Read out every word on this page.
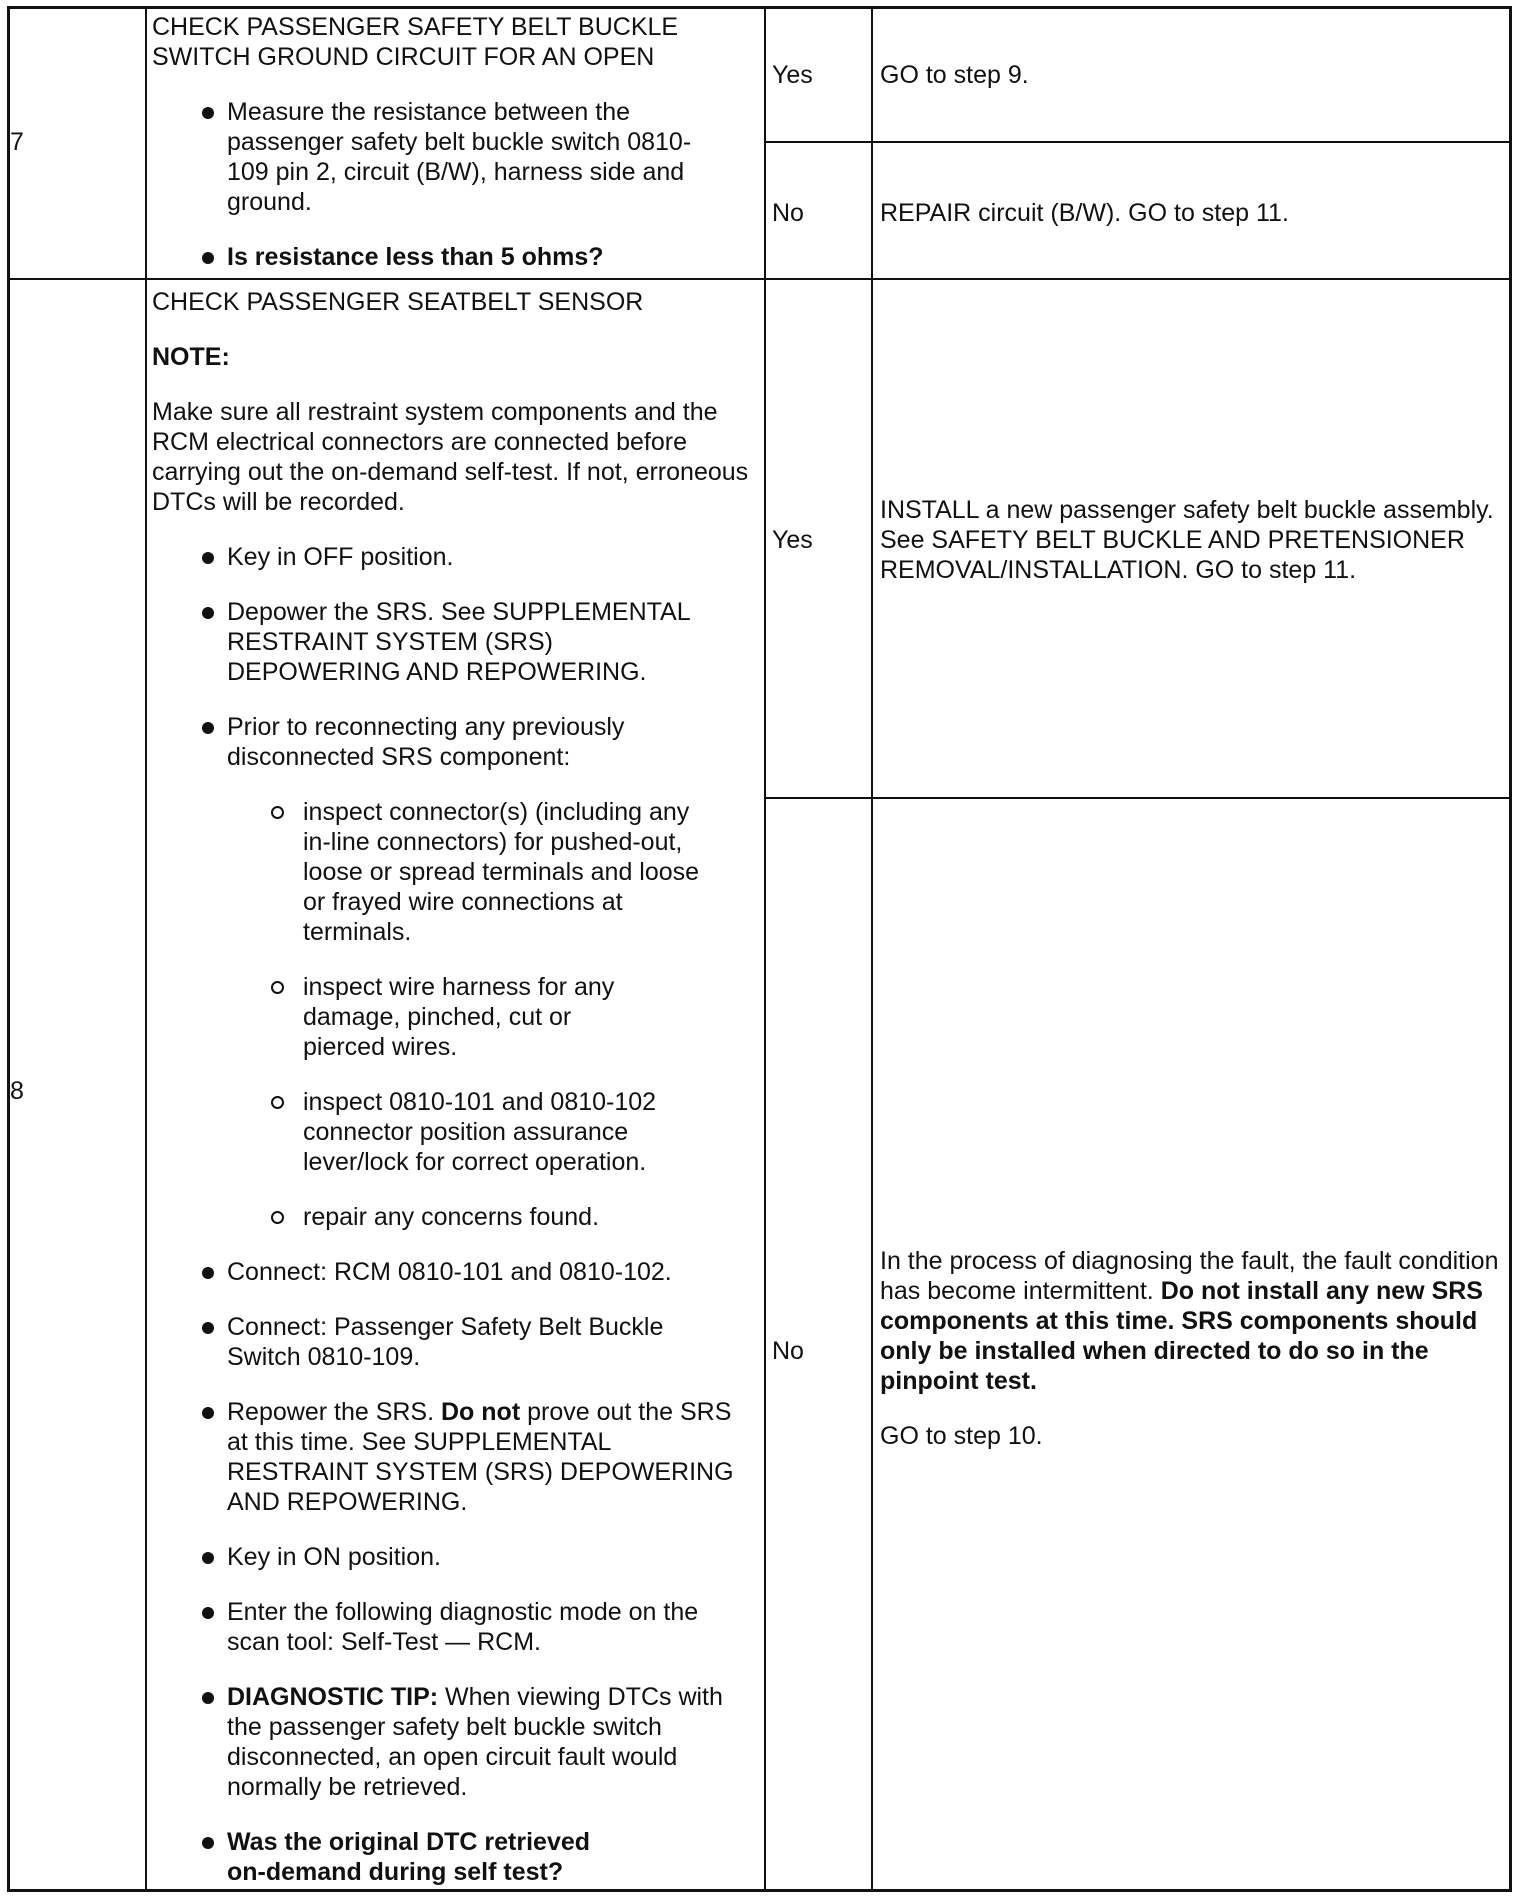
7
CHECK PASSENGER SAFETY BELT BUCKLE SWITCH GROUND CIRCUIT FOR AN OPEN
Measure the resistance between the passenger safety belt buckle switch 0810-109 pin 2, circuit (B/W), harness side and ground.
Is resistance less than 5 ohms?
Yes	GO to step 9.
No	REPAIR circuit (B/W). GO to step 11.
8
CHECK PASSENGER SEATBELT SENSOR
NOTE:
Make sure all restraint system components and the RCM electrical connectors are connected before carrying out the on-demand self-test. If not, erroneous DTCs will be recorded.
Key in OFF position.
Depower the SRS. See SUPPLEMENTAL RESTRAINT SYSTEM (SRS) DEPOWERING AND REPOWERING.
Prior to reconnecting any previously disconnected SRS component:
inspect connector(s) (including any in-line connectors) for pushed-out, loose or spread terminals and loose or frayed wire connections at terminals.
inspect wire harness for any damage, pinched, cut or pierced wires.
inspect 0810-101 and 0810-102 connector position assurance lever/lock for correct operation.
repair any concerns found.
Connect: RCM 0810-101 and 0810-102.
Connect: Passenger Safety Belt Buckle Switch 0810-109.
Repower the SRS. Do not prove out the SRS at this time. See SUPPLEMENTAL RESTRAINT SYSTEM (SRS) DEPOWERING AND REPOWERING.
Key in ON position.
Enter the following diagnostic mode on the scan tool: Self-Test — RCM.
DIAGNOSTIC TIP: When viewing DTCs with the passenger safety belt buckle switch disconnected, an open circuit fault would normally be retrieved.
Was the original DTC retrieved on-demand during self test?
Yes
INSTALL a new passenger safety belt buckle assembly. See SAFETY BELT BUCKLE AND PRETENSIONER REMOVAL/INSTALLATION. GO to step 11.
No
In the process of diagnosing the fault, the fault condition has become intermittent. Do not install any new SRS components at this time. SRS components should only be installed when directed to do so in the pinpoint test.
GO to step 10.
